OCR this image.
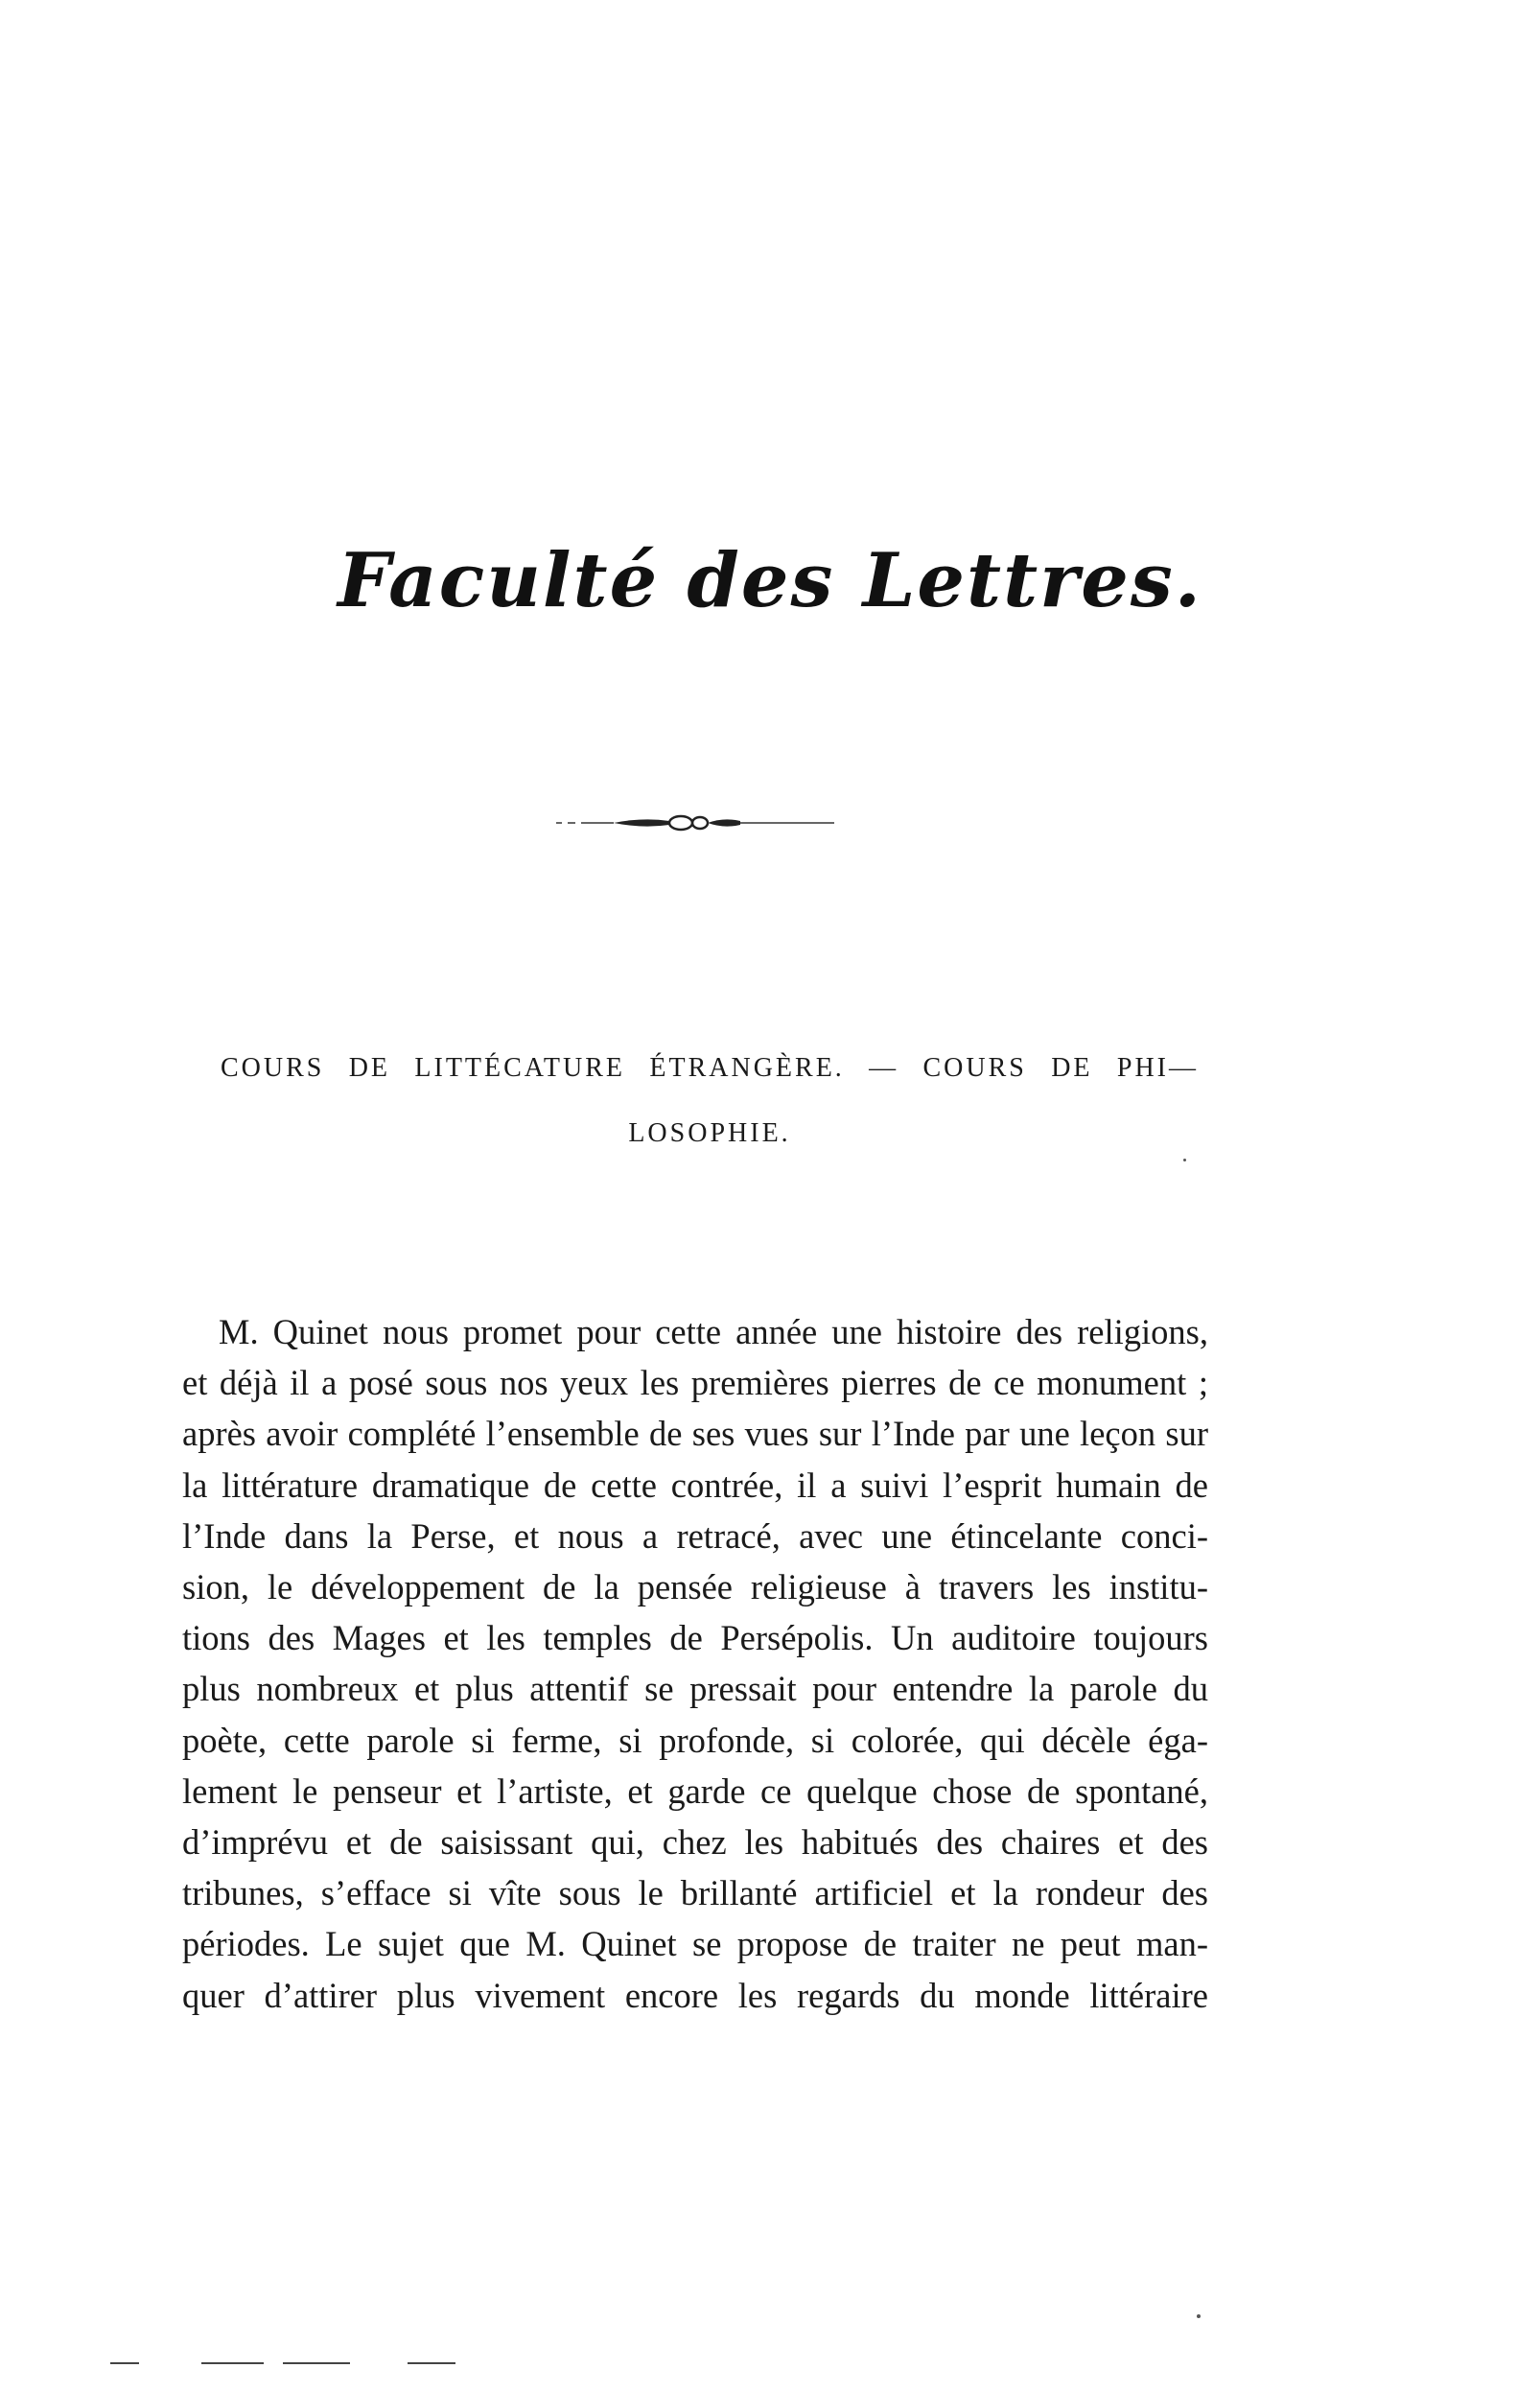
Faculté des Lettres.
COURS DE LITTÉCATURE ÉTRANGÈRE. — COURS DE PHI—
LOSOPHIE.
M. Quinet nous promet pour cette année une histoire des religions,
et déjà il a posé sous nos yeux les premières pierres de ce monument ;
après avoir complété l’ensemble de ses vues sur l’Inde par une leçon sur
la littérature dramatique de cette contrée, il a suivi l’esprit humain de
l’Inde dans la Perse, et nous a retracé, avec une étincelante conci-
sion, le développement de la pensée religieuse à travers les institu-
tions des Mages et les temples de Persépolis. Un auditoire toujours
plus nombreux et plus attentif se pressait pour entendre la parole du
poète, cette parole si ferme, si profonde, si colorée, qui décèle éga-
lement le penseur et l’artiste, et garde ce quelque chose de spontané,
d’imprévu et de saisissant qui, chez les habitués des chaires et des
tribunes, s’efface si vîte sous le brillanté artificiel et la rondeur des
périodes. Le sujet que M. Quinet se propose de traiter ne peut man-
quer d’attirer plus vivement encore les regards du monde littéraire
